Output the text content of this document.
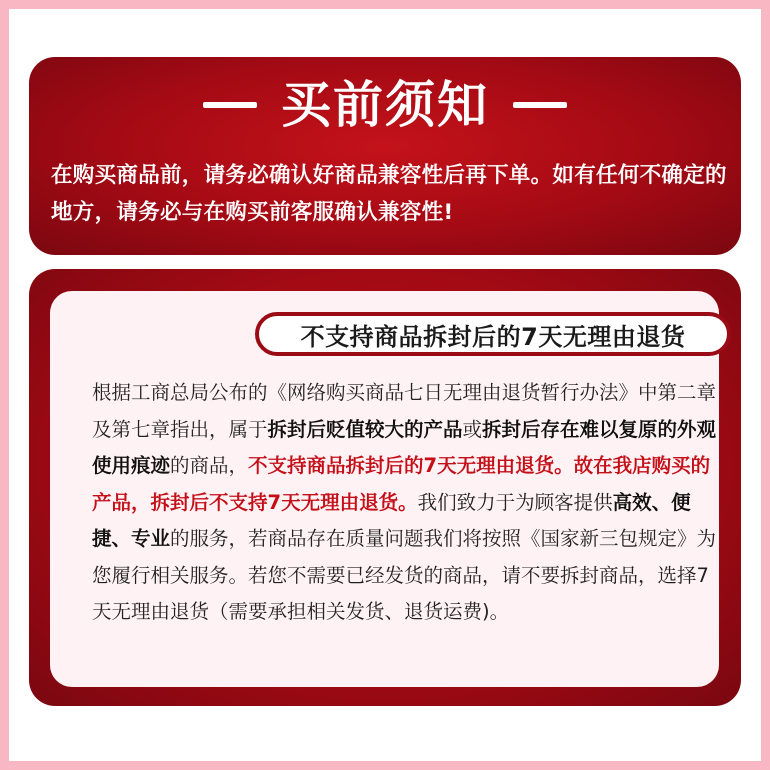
买前须知
在购买商品前，请务必确认好商品兼容性后再下单。如有任何不确定的地方，请务必与在购买前客服确认兼容性!
不支持商品拆封后的7天无理由退货
根据工商总局公布的《网络购买商品七日无理由退货暂行办法》中第二章及第七章指出，属于拆封后贬值较大的产品或拆封后存在难以复原的外观使用痕迹的商品，不支持商品拆封后的7天无理由退货。故在我店购买的产品，拆封后不支持7天无理由退货。我们致力于为顾客提供高效、便捷、专业的服务，若商品存在质量问题我们将按照《国家新三包规定》为您履行相关服务。若您不需要已经发货的商品，请不要拆封商品，选择7天无理由退货（需要承担相关发货、退货运费)。
